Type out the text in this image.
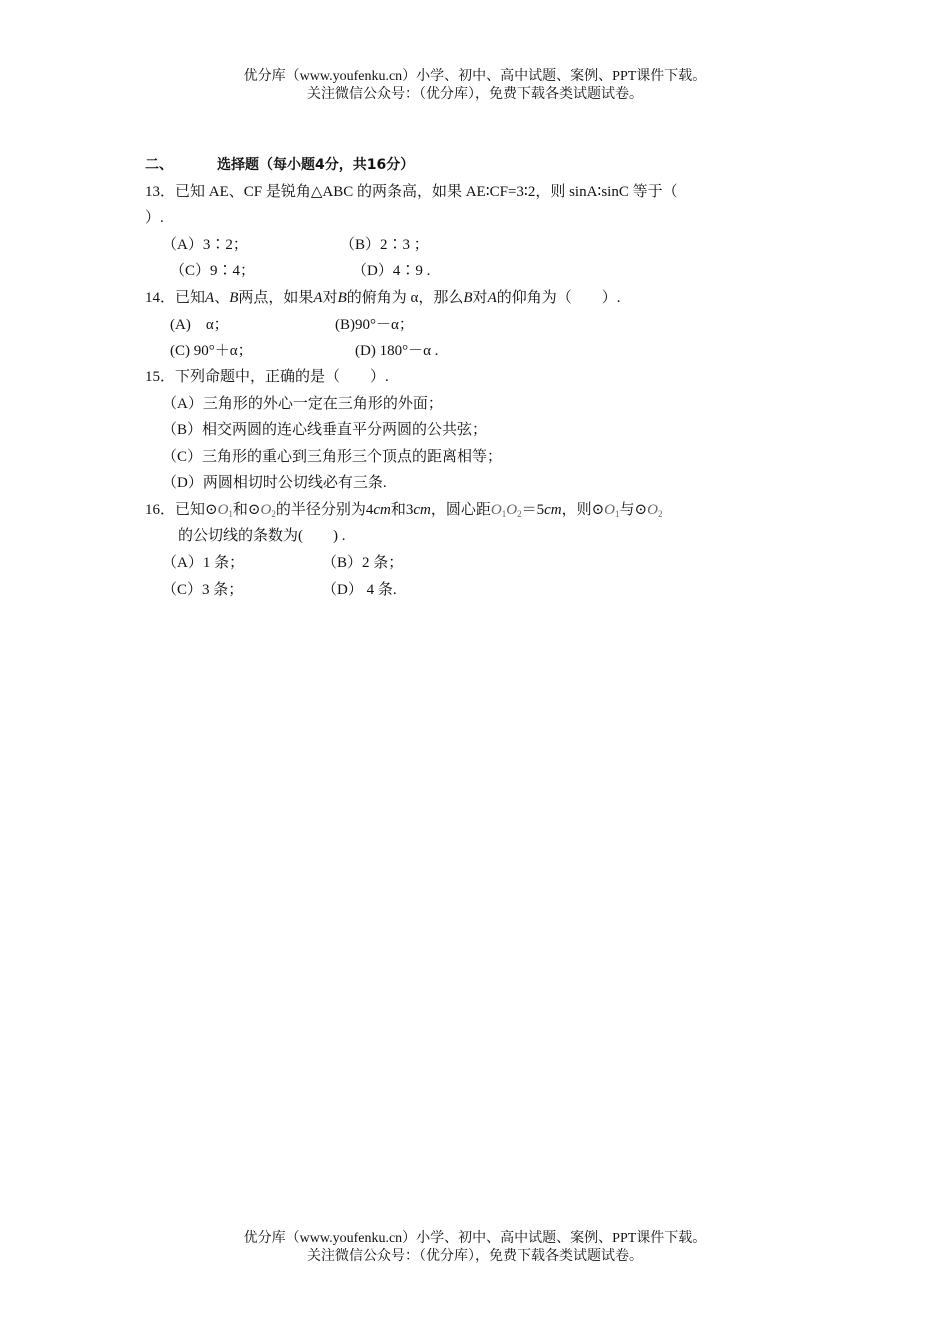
优分库（www.youfenku.cn）小学、初中、高中试题、案例、PPT课件下载。
关注微信公众号：（优分库），免费下载各类试题试卷。
二、	选择题（每小题4分，共16分）
13．已知 AE、CF 是锐角△ABC 的两条高，如果 AE∶CF=3∶2，则 sinA∶sinC 等于（
）.
（A）3∶2；	（B）2∶3 ；
（C）9∶4；	（D）4∶9 .
14．已知A、B两点，如果A对B的俯角为 α，那么B对A的仰角为（　　）.
(A)　α；	(B)90°－α；
(C) 90°＋α；	(D) 180°－α .
15．下列命题中，正确的是（　　）.
（A）三角形的外心一定在三角形的外面；
（B）相交两圆的连心线垂直平分两圆的公共弦；
（C）三角形的重心到三角形三个顶点的距离相等；
（D）两圆相切时公切线必有三条.
16．已知$⊙O_1$和$⊙O_2$的半径分别为4cm和3cm，圆心距$O_1O_2=5cm$，则$⊙O_1$与$⊙O_2$
的公切线的条数为(　　) .
（A）1 条；	（B）2 条；
（C）3 条；	（D） 4 条.
优分库（www.youfenku.cn）小学、初中、高中试题、案例、PPT课件下载。
关注微信公众号：（优分库），免费下载各类试题试卷。
